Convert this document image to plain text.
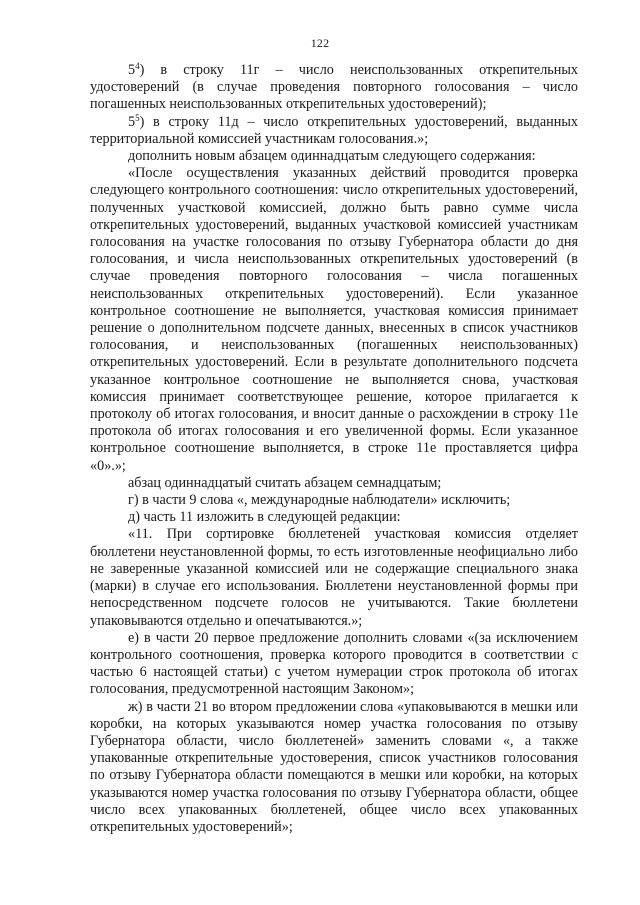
122

$5^4$) в строку 11г – число неиспользованных открепительных удостоверений (в случае проведения повторного голосования – число погашенных неиспользованных открепительных удостоверений);

$5^5$) в строку 11д – число открепительных удостоверений, выданных территориальной комиссией участникам голосования.»;

дополнить новым абзацем одиннадцатым следующего содержания:

«После осуществления указанных действий проводится проверка следующего контрольного соотношения: число открепительных удостоверений, полученных участковой комиссией, должно быть равно сумме числа открепительных удостоверений, выданных участковой комиссией участникам голосования на участке голосования по отзыву Губернатора области до дня голосования, и числа неиспользованных открепительных удостоверений (в случае проведения повторного голосования – числа погашенных неиспользованных открепительных удостоверений). Если указанное контрольное соотношение не выполняется, участковая комиссия принимает решение о дополнительном подсчете данных, внесенных в список участников голосования, и неиспользованных (погашенных неиспользованных) открепительных удостоверений. Если в результате дополнительного подсчета указанное контрольное соотношение не выполняется снова, участковая комиссия принимает соответствующее решение, которое прилагается к протоколу об итогах голосования, и вносит данные о расхождении в строку 11е протокола об итогах голосования и его увеличенной формы. Если указанное контрольное соотношение выполняется, в строке 11е проставляется цифра «0».»;

абзац одиннадцатый считать абзацем семнадцатым;

г) в части 9 слова «, международные наблюдатели» исключить;

д) часть 11 изложить в следующей редакции:

«11. При сортировке бюллетеней участковая комиссия отделяет бюллетени неустановленной формы, то есть изготовленные неофициально либо не заверенные указанной комиссией или не содержащие специального знака (марки) в случае его использования. Бюллетени неустановленной формы при непосредственном подсчете голосов не учитываются. Такие бюллетени упаковываются отдельно и опечатываются.»;

е) в части 20 первое предложение дополнить словами «(за исключением контрольного соотношения, проверка которого проводится в соответствии с частью 6 настоящей статьи) с учетом нумерации строк протокола об итогах голосования, предусмотренной настоящим Законом»;

ж) в части 21 во втором предложении слова «упаковываются в мешки или коробки, на которых указываются номер участка голосования по отзыву Губернатора области, число бюллетеней» заменить словами «, а также упакованные открепительные удостоверения, список участников голосования по отзыву Губернатора области помещаются в мешки или коробки, на которых указываются номер участка голосования по отзыву Губернатора области, общее число всех упакованных бюллетеней, общее число всех упакованных открепительных удостоверений»;
